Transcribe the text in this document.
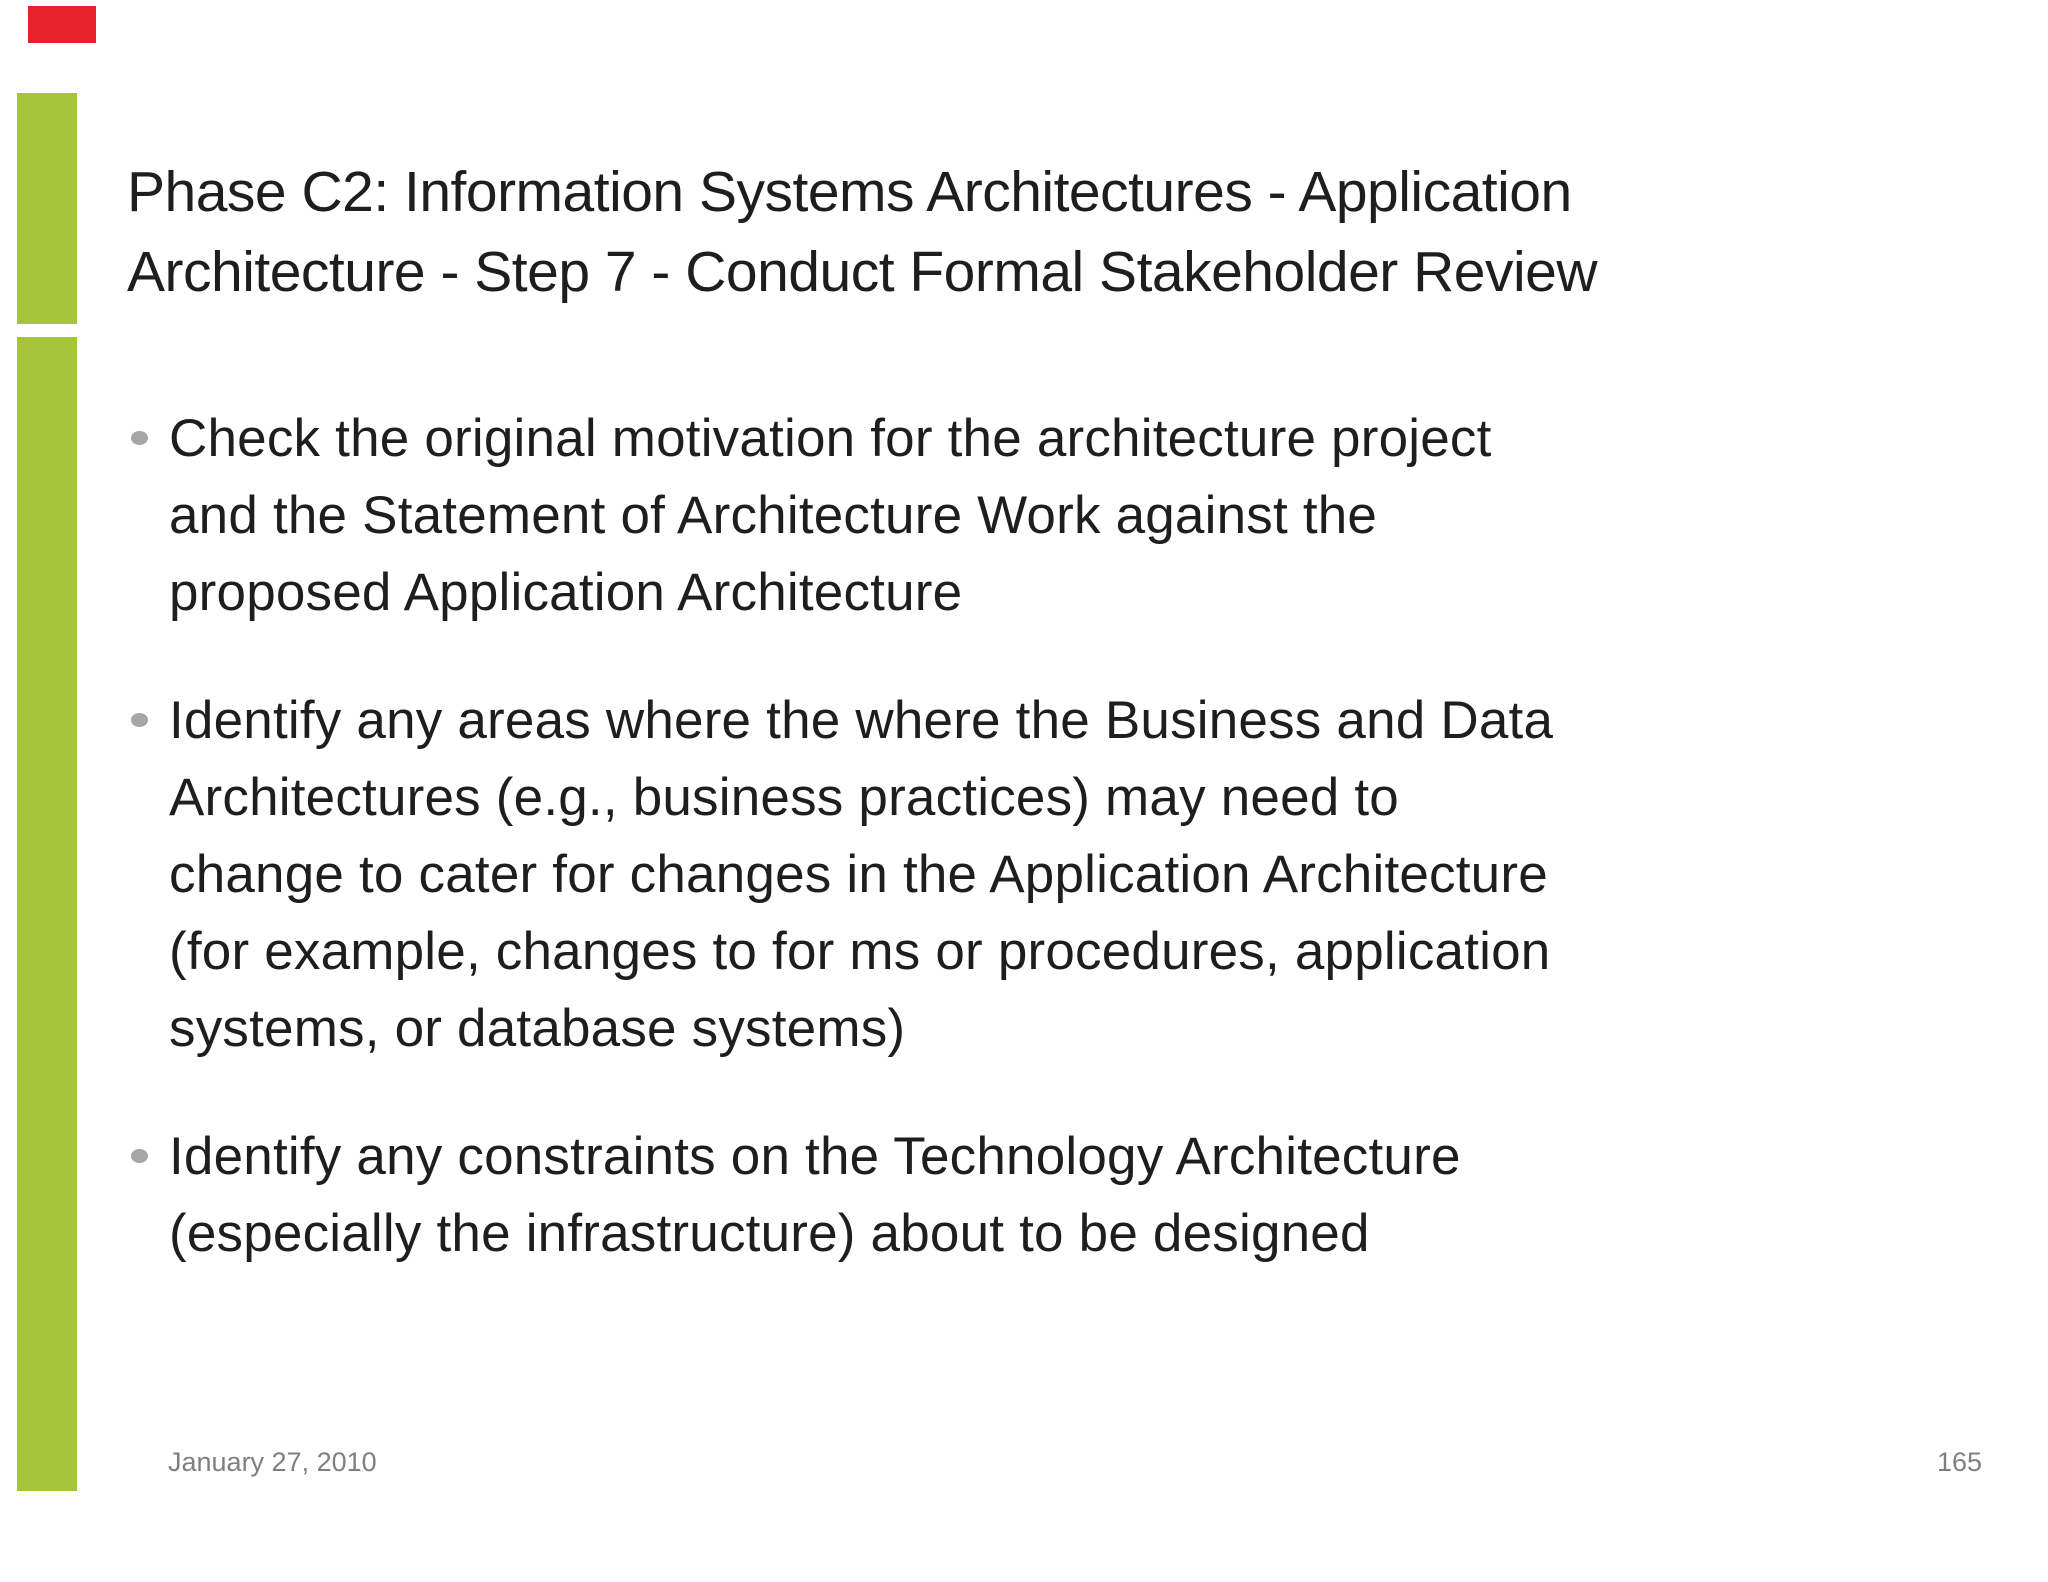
Phase C2: Information Systems Architectures - Application
Architecture - Step 7 - Conduct Formal Stakeholder Review
Check the original motivation for the architecture project
and the Statement of Architecture Work against the
proposed Application Architecture
Identify any areas where the where the Business and Data
Architectures (e.g., business practices) may need to
change to cater for changes in the Application Architecture
(for example, changes to for ms or procedures, application
systems, or database systems)
Identify any constraints on the Technology Architecture
(especially the infrastructure) about to be designed
January 27, 2010	165
